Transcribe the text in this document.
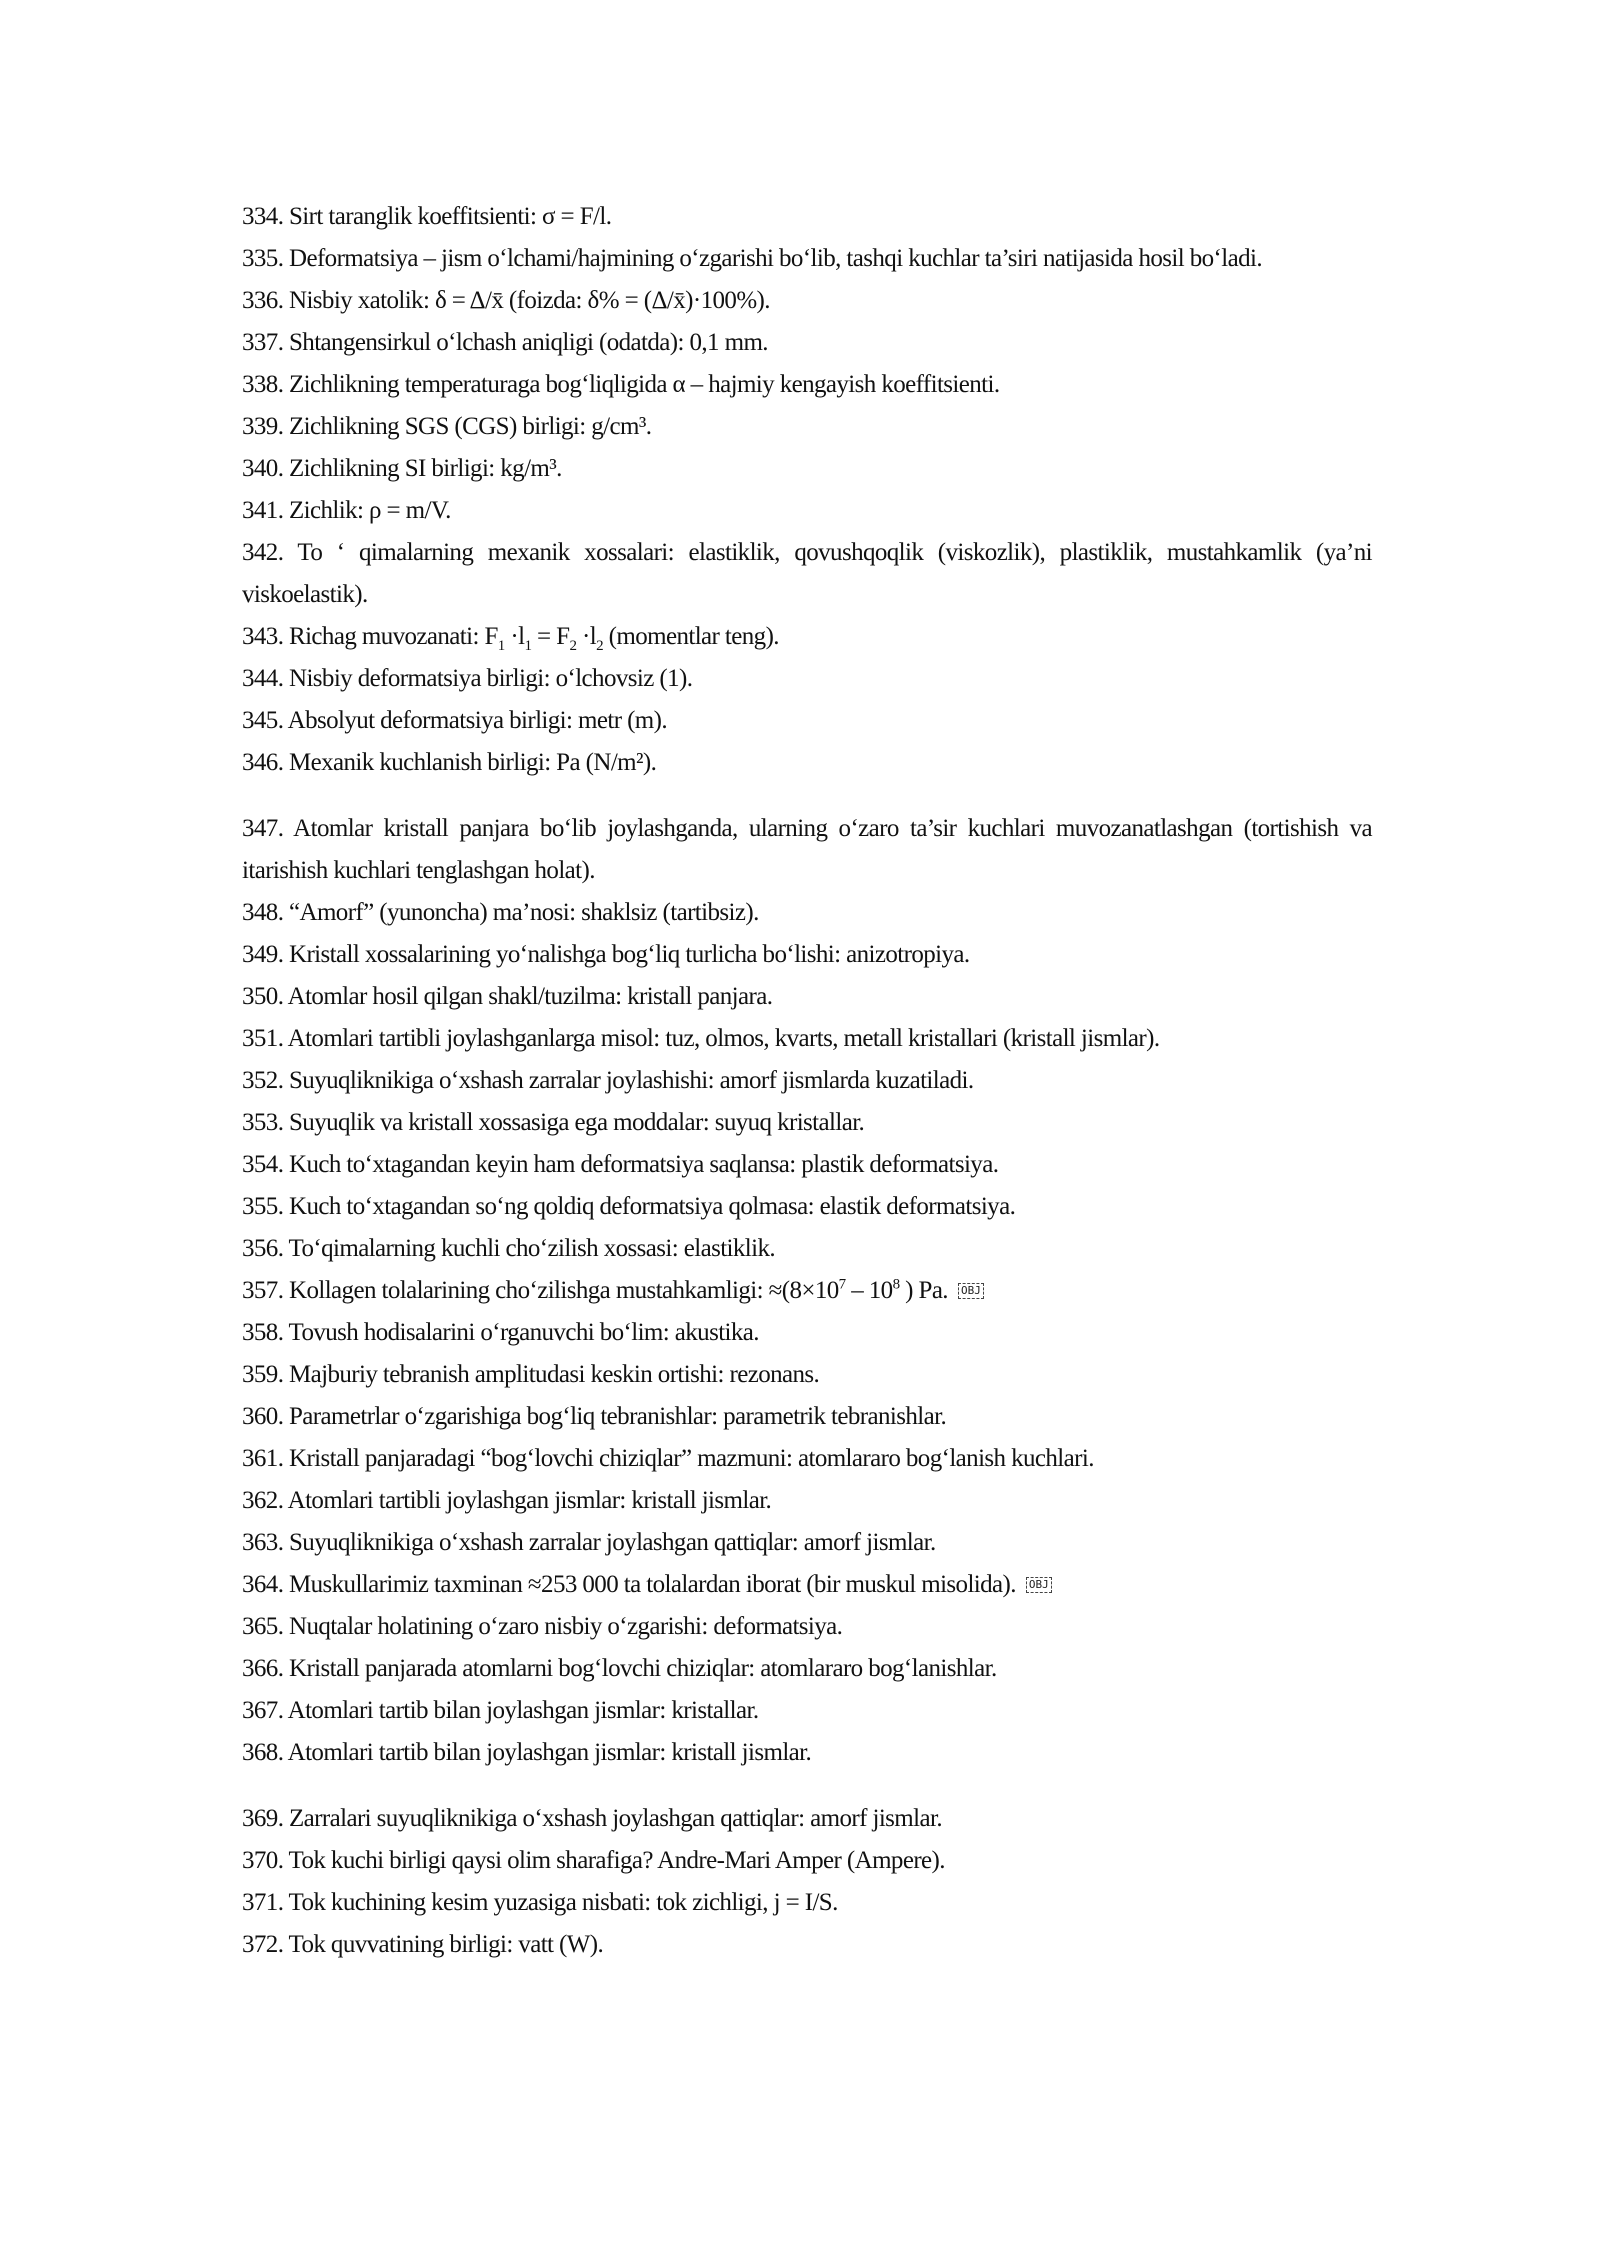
334. Sirt taranglik koeffitsienti: σ = F/l.

335. Deformatsiya – jism o‘lchami/hajmining o‘zgarishi bo‘lib, tashqi kuchlar ta’siri natijasida hosil bo‘ladi.

336. Nisbiy xatolik: δ = Δ/x̄ (foizda: δ% = (Δ/x̄)·100%).

337. Shtangensirkul o‘lchash aniqligi (odatda): 0,1 mm.

338. Zichlikning temperaturaga bog‘liqligida α – hajmiy kengayish koeffitsienti.

339. Zichlikning SGS (CGS) birligi: g/cm³.

340. Zichlikning SI birligi: kg/m³.

341. Zichlik: ρ = m/V.

342. To ‘ qimalarning mexanik xossalari: elastiklik, qovushqoqlik (viskozlik), plastiklik, mustahkamlik (ya’ni viskoelastik).

343. Richag muvozanati: $F_1 \cdot l_1 = F_2 \cdot l_2$ (momentlar teng).

344. Nisbiy deformatsiya birligi: o‘lchovsiz (1).

345. Absolyut deformatsiya birligi: metr (m).

346. Mexanik kuchlanish birligi: Pa (N/m²).

347. Atomlar kristall panjara bo‘lib joylashganda, ularning o‘zaro ta’sir kuchlari muvozanatlashgan (tortishish va itarishish kuchlari tenglashgan holat).

348. “Amorf” (yunoncha) ma’nosi: shaklsiz (tartibsiz).

349. Kristall xossalarining yo‘nalishga bog‘liq turlicha bo‘lishi: anizotropiya.

350. Atomlar hosil qilgan shakl/tuzilma: kristall panjara.

351. Atomlari tartibli joylashganlarga misol: tuz, olmos, kvarts, metall kristallari (kristall jismlar).

352. Suyuqliknikiga o‘xshash zarralar joylashishi: amorf jismlarda kuzatiladi.

353. Suyuqlik va kristall xossasiga ega moddalar: suyuq kristallar.

354. Kuch to‘xtagandan keyin ham deformatsiya saqlansa: plastik deformatsiya.

355. Kuch to‘xtagandan so‘ng qoldiq deformatsiya qolmasa: elastik deformatsiya.

356. To‘qimalarning kuchli cho‘zilish xossasi: elastiklik.

357. Kollagen tolalarining cho‘zilishga mustahkamligi: $\approx(8\times 10^7 - 10^8$ ) Pa. OBJ

358. Tovush hodisalarini o‘rganuvchi bo‘lim: akustika.

359. Majburiy tebranish amplitudasi keskin ortishi: rezonans.

360. Parametrlar o‘zgarishiga bog‘liq tebranishlar: parametrik tebranishlar.

361. Kristall panjaradagi “bog‘lovchi chiziqlar” mazmuni: atomlararo bog‘lanish kuchlari.

362. Atomlari tartibli joylashgan jismlar: kristall jismlar.

363. Suyuqliknikiga o‘xshash zarralar joylashgan qattiqlar: amorf jismlar.

364. Muskullarimiz taxminan ≈253 000 ta tolalardan iborat (bir muskul misolida). OBJ

365. Nuqtalar holatining o‘zaro nisbiy o‘zgarishi: deformatsiya.

366. Kristall panjarada atomlarni bog‘lovchi chiziqlar: atomlararo bog‘lanishlar.

367. Atomlari tartib bilan joylashgan jismlar: kristallar.

368. Atomlari tartib bilan joylashgan jismlar: kristall jismlar.

369. Zarralari suyuqliknikiga o‘xshash joylashgan qattiqlar: amorf jismlar.

370. Tok kuchi birligi qaysi olim sharafiga? Andre-Mari Amper (Ampere).

371. Tok kuchining kesim yuzasiga nisbati: tok zichligi, j = I/S.

372. Tok quvvatining birligi: vatt (W).
